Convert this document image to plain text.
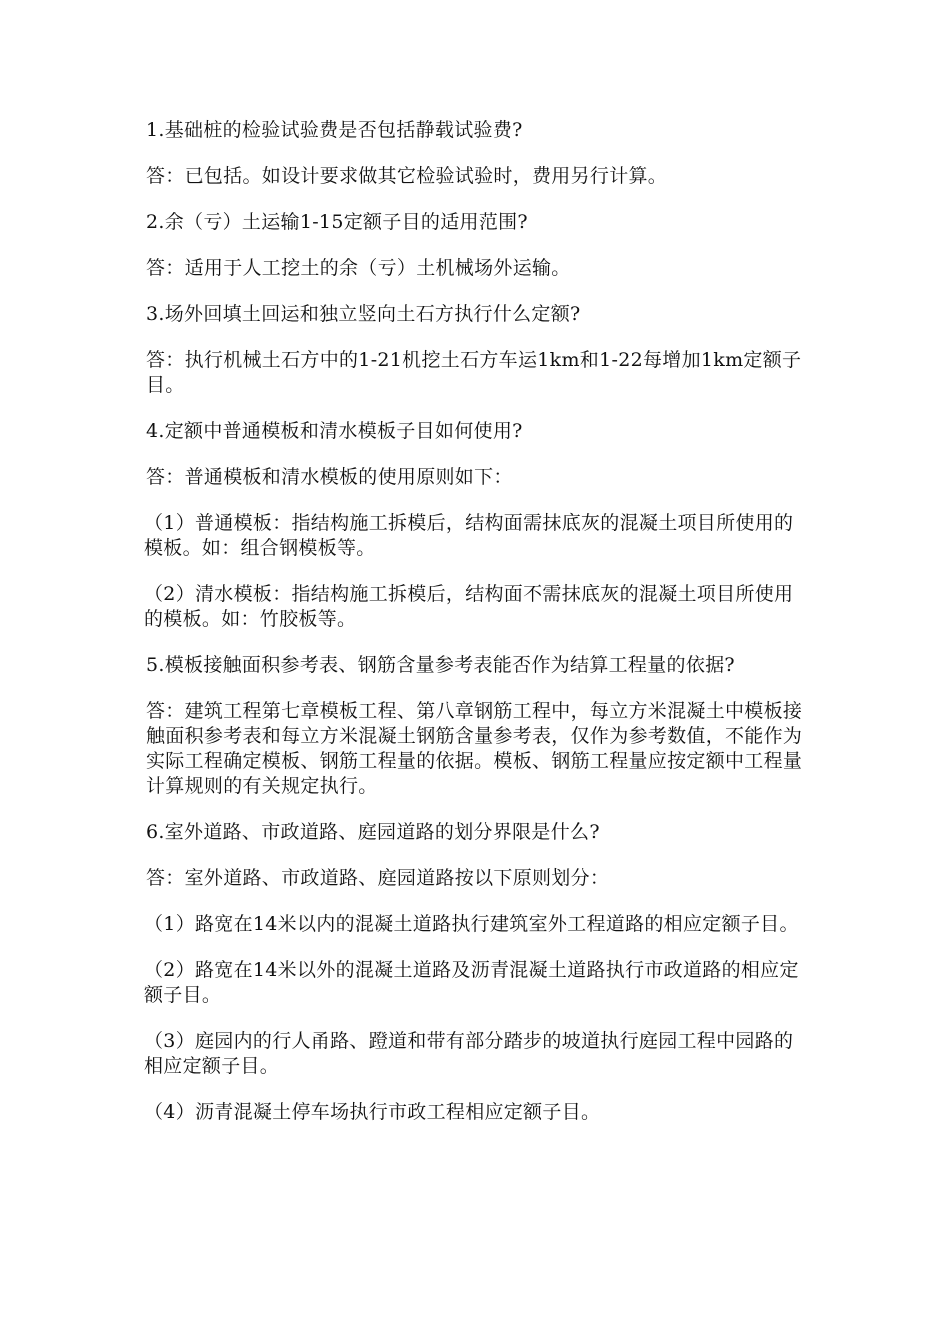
1.基础桩的检验试验费是否包括静载试验费?

答：已包括。如设计要求做其它检验试验时，费用另行计算。

2.余（亏）土运输1-15定额子目的适用范围?

答：适用于人工挖土的余（亏）土机械场外运输。

3.场外回填土回运和独立竖向土石方执行什么定额?

答：执行机械土石方中的1-21机挖土石方车运1km和1-22每增加1km定额子目。

4.定额中普通模板和清水模板子目如何使用?

答：普通模板和清水模板的使用原则如下：

（1）普通模板：指结构施工拆模后，结构面需抹底灰的混凝土项目所使用的模板。如：组合钢模板等。

（2）清水模板：指结构施工拆模后，结构面不需抹底灰的混凝土项目所使用的模板。如：竹胶板等。

5.模板接触面积参考表、钢筋含量参考表能否作为结算工程量的依据?

答：建筑工程第七章模板工程、第八章钢筋工程中，每立方米混凝土中模板接触面积参考表和每立方米混凝土钢筋含量参考表，仅作为参考数值，不能作为实际工程确定模板、钢筋工程量的依据。模板、钢筋工程量应按定额中工程量计算规则的有关规定执行。

6.室外道路、市政道路、庭园道路的划分界限是什么?

答：室外道路、市政道路、庭园道路按以下原则划分：

（1）路宽在14米以内的混凝土道路执行建筑室外工程道路的相应定额子目。

（2）路宽在14米以外的混凝土道路及沥青混凝土道路执行市政道路的相应定额子目。

（3）庭园内的行人甬路、蹬道和带有部分踏步的坡道执行庭园工程中园路的相应定额子目。

（4）沥青混凝土停车场执行市政工程相应定额子目。
